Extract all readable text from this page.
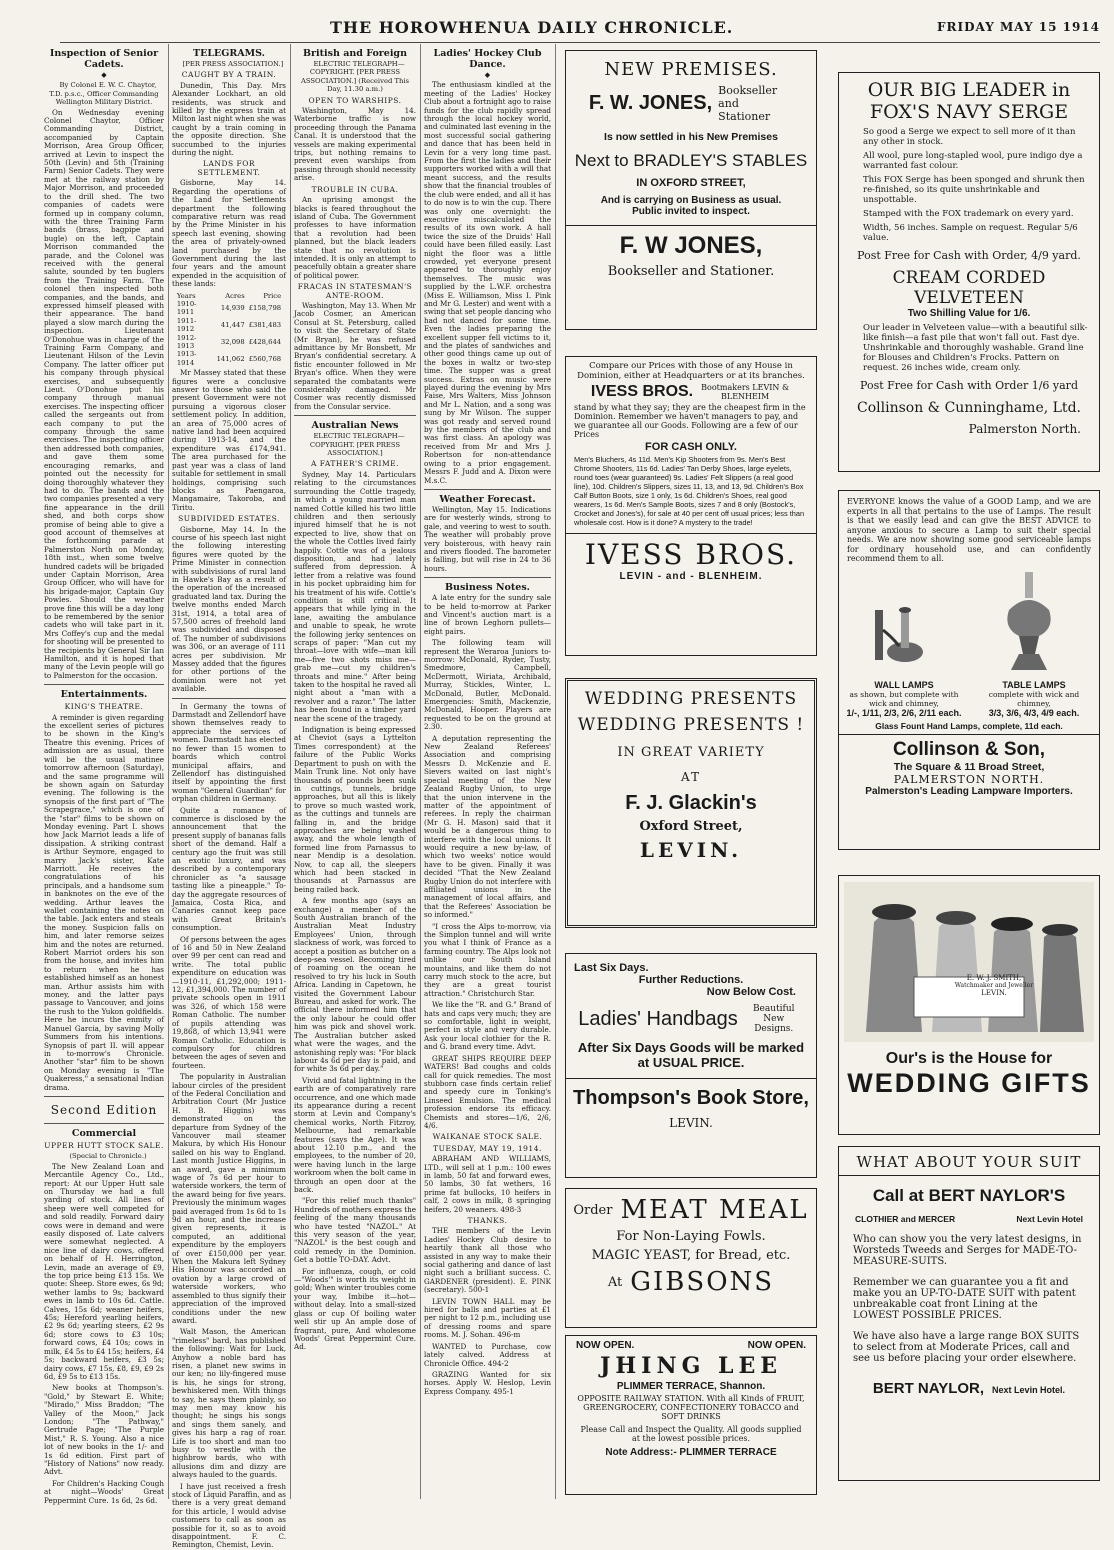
THE HOROWHENUA DAILY CHRONICLE.	FRIDAY MAY 15 1914
Inspection of Senior Cadets.
◆

By Colonel E. W. C. Chaytor, T.D. p.s.c., Officer Commanding Wellington Military District.

On Wednesday evening Colonel Chaytor, Officer Commanding District, accompanied by Captain Morrison, Area Group Officer, arrived at Levin to inspect the 50th (Levin) and 5th (Training Farm) Senior Cadets. They were met at the railway station by Major Morrison, and proceeded to the drill shed. The two companies of cadets were formed up in company column, with the three Training Farm bands (brass, bagpipe and bugle) on the left, Captain Morrison commanded the parade, and the Colonel was received with the general salute, sounded by ten buglers from the Training Farm. The colonel then inspected both companies, and the bands, and expressed himself pleased with their appearance. The band played a slow march during the inspection. Lieutenant O'Donohue was in charge of the Training Farm Company, and Lieutenant Hilson of the Levin Company. The latter officer put his company through physical exercises, and subsequently Lieut. O'Donohue put his company through manual exercises. The inspecting officer called the sergeants out from each company to put the company through the same exercises. The inspecting officer then addressed both companies, and gave them some encouraging remarks, and pointed out the necessity for doing thoroughly whatever they had to do. The bands and the two companies presented a very fine appearance in the drill shed, and both corps show promise of being able to give a good account of themselves at the forthcoming parade at Palmerston North on Monday, 18th inst., when some twelve hundred cadets will be brigaded under Captain Morrison, Area Group Officer, who will have for his brigade-major, Captain Guy Powles. Should the weather prove fine this will be a day long to be remembered by the senior cadets who will take part in it. Mrs Coffey's cup and the medal for shooting will be presented to the recipients by General Sir Ian Hamilton, and it is hoped that many of the Levin people will go to Palmerston for the occasion.

Entertainments.
KING'S THEATRE.

A reminder is given regarding the excellent series of pictures to be shown in the King's Theatre this evening. Prices of admission are as usual, there will be the usual matinee tomorrow afternoon (Saturday), and the same programme will be shown again on Saturday evening. The following is the synopsis of the first part of "The Scrapegrace," which is one of the "star" films to be shown on Monday evening. Part I. shows how Jack Marriot leads a life of dissipation. A striking contrast is Arthur Seymore, engaged to marry Jack's sister, Kate Marriott. He receives the congratulations of his principals, and a handsome sum in banknotes on the eve of the wedding. Arthur leaves the wallet containing the notes on the table. Jack enters and steals the money. Suspicion falls on him, and later remorse seizes him and the notes are returned. Robert Marriot orders his son from the house, and invites him to return when he has established himself as an honest man. Arthur assists him with money, and the latter pays passage to Vancouver, and joins the rush to the Yukon goldfields. Here he incurs the enmity of Manuel Garcia, by saving Molly Summers from his intentions. Synopsis of part II. will appear in to-morrow's Chronicle. Another "star" film to be shown on Monday evening is "The Quakeress," a sensational Indian drama.

Second Edition
Commercial
UPPER HUTT STOCK SALE.

(Special to Chronicle.)

The New Zealand Loan and Mercantile Agency Co., Ltd., report: At our Upper Hutt sale on Thursday we had a full yarding of stock. All lines of sheep were well competed for and sold readily. Forward dairy cows were in demand and were easily disposed of. Late calvers were somewhat neglected. A nice line of dairy cows, offered on behalf of H. Herrington, Levin, made an average of £9, the top price being £13 15s. We quote: Sheep. Store ewes, 6s 9d; wether lambs to 9s; backward ewes in lamb to 10s 6d. Cattle. Calves, 15s 6d; weaner heifers, 45s; Hereford yearling heifers, £2 9s 6d; yearling steers, £2 9s 6d; store cows to £3 10s; forward cows, £4 10s; cows in milk, £4 5s to £4 15s; heifers, £4 5s; backward heifers, £3 5s; dairy cows, £7 15s, £8, £9, £9 2s 6d, £9 5s to £13 15s.

New books at Thompson's. "Gold," by Stewart E. White; "Mirado," Miss Braddon; "The Valley of the Moon," Jack London; "The Pathway," Gertrude Page; "The Purple Mist," R. S. Young. Also a nice lot of new books in the 1/- and 1s 6d edition. First part of "History of Nations" now ready. Advt.

For Children's Hacking Cough at night—Woods' Great Peppermint Cure. 1s 6d, 2s 6d.

TELEGRAMS.

[PER PRESS ASSOCIATION.]

CAUGHT BY A TRAIN.

Dunedin, This Day. Mrs Alexander Lockhart, an old residents, was struck and killed by the express train at Milton last night when she was caught by a train coming in the opposite direction. She succumbed to the injuries during the night.

LANDS FOR SETTLEMENT.

Gisborne, May 14. Regarding the operations of the Land for Settlements department the following comparative return was read by the Prime Minister in his speech last evening, showing the area of privately-owned land purchased by the Government during the last four years and the amount expended in the acquisition of these lands:

Years	Acres	Price
1910-1911	14,939	£158,798
1911-1912	41,447	£381,483
1912-1913	32,098	£428,644
1913-1914	141,062	£560,768

Mr Massey stated that these figures were a conclusive answer to those who said the present Government were not pursuing a vigorous closer settlement policy. In addition, an area of 75,000 acres of native land had been acquired during 1913-14, and the expenditure was £174,941. The area purchased for the past year was a class of land suitable for settlement in small holdings, comprising such blocks as Paengaroa, Mangamaire, Takoroba, and Tiritu.

SUBDIVIDED ESTATES.

Gisborne, May 14. In the course of his speech last night the following interesting figures were quoted by the Prime Minister in connection with subdivisions of rural land in Hawke's Bay as a result of the operation of the increased graduated land tax. During the twelve months ended March 31st, 1914, a total area of 57,500 acres of freehold land was subdivided and disposed of. The number of subdivisions was 306, or an average of 111 acres per subdivision. Mr Massey added that the figures for other portions of the dominion were not yet available.

In Germany the towns of Darmstadt and Zellendorf have shown themselves ready to appreciate the services of women. Darmstadt has elected no fewer than 15 women to boards which control municipal affairs, and Zellendorf has distinguished itself by appointing the first woman "General Guardian" for orphan children in Germany.

Quite a romance of commerce is disclosed by the announcement that the present supply of bananas falls short of the demand. Half a century ago the fruit was still an exotic luxury, and was described by a contemporary chronicler as "a sausage tasting like a pineapple." To-day the aggregate resources of Jamaica, Costa Rica, and Canaries cannot keep pace with Great Britain's consumption.

Of persons between the ages of 16 and 50 in New Zealand over 99 per cent can read and write. The total public expenditure on education was—1910-11, £1,292,000; 1911-12, £1,394,000. The number of private schools open in 1911 was 326, of which 158 were Roman Catholic. The number of pupils attending was 19,868, of which 13,941 were Roman Catholic. Education is compulsory for children between the ages of seven and fourteen.

The popularity in Australian labour circles of the president of the Federal Conciliation and Arbitration Court (Mr Justice H. B. Higgins) was demonstrated on the departure from Sydney of the Vancouver mail steamer Makura, by which His Honour sailed on his way to England. Last month Justice Higgins, in an award, gave a minimum wage of 7s 6d per hour to waterside workers, the term of the award being for five years. Previously the minimum wages paid averaged from 1s 6d to 1s 9d an hour, and the increase given represents, it is computed, an additional expenditure by the employers of over £150,000 per year. When the Makura left Sydney His Honour was accorded an ovation by a large crowd of waterside workers, who assembled to thus signify their appreciation of the improved conditions under the new award.

Walt Mason, the American "rimeless" bard, has published the following: Wait for Luck, Anyhow a noble bard has risen, a planet new swims in our ken; no lily-fingered muse is his, he sings for strong, bewhiskered men. With things to say, he says them plainly, so may men may know his thought; he sings his songs and sings them sanely, and gives his harp a rag of roar. Life is too short and man too busy to wrestle with the highbrow bards, who with allusions dim and dizzy are always hauled to the guards.

I have just received a fresh stock of Liquid Paraffin, and as there is a very great demand for this article, I would advise customers to call as soon as possible for it, so as to avoid disappointment. F. C. Remington, Chemist, Levin.

British and Foreign

ELECTRIC TELEGRAPH—COPYRIGHT. [PER PRESS ASSOCIATION.] (Received This Day, 11.30 a.m.)

OPEN TO WARSHIPS.

Washington, May 14. Waterborne traffic is now proceeding through the Panama Canal. It is understood that the vessels are making experimental trips, but nothing remains to prevent even warships from passing through should necessity arise.

TROUBLE IN CUBA.

An uprising amongst the blacks is feared throughout the island of Cuba. The Government professes to have information that a revolution had been planned, but the black leaders state that no revolution is intended. It is only an attempt to peacefully obtain a greater share of political power.

FRACAS IN STATESMAN'S ANTE-ROOM.

Washington, May 13. When Mr Jacob Cosmer, an American Consul at St. Petersburg, called to visit the Secretary of State (Mr Bryan), he was refused admittance by Mr Bonsbett, Mr Bryan's confidential secretary. A fistic encounter followed in Mr Bryan's office. When they were separated the combatants were considerably damaged. Mr Cosmer was recently dismissed from the Consular service.

Australian News

ELECTRIC TELEGRAPH—COPYRIGHT. [PER PRESS ASSOCIATION.]

A FATHER'S CRIME.

Sydney, May 14. Particulars relating to the circumstances surrounding the Cottle tragedy, in which a young married man named Cottle killed his two little children and then seriously injured himself that he is not expected to live, show that on the whole the Cottles lived fairly happily. Cottle was of a jealous disposition, and had lately suffered from depression. A letter from a relative was found in his pocket upbraiding him for his treatment of his wife. Cottle's condition is still critical. It appears that while lying in the lane, awaiting the ambulance and unable to speak, he wrote the following jerky sentences on scraps of paper: "Man cut my throat—love with wife—man kill me—five two shots miss me—grab me—cut my children's throats and mine." After being taken to the hospital he raved all night about a "man with a revolver and a razor." The latter has been found in a timber yard near the scene of the tragedy.

Indignation is being expressed at Cheviot (says a Lyttelton Times correspondent) at the failure of the Public Works Department to push on with the Main Trunk line. Not only have thousands of pounds been sunk in cuttings, tunnels, bridge approaches, but all this is likely to prove so much wasted work, as the cuttings and tunnels are falling in, and the bridge approaches are being washed away, and the whole length of formed line from Parnassus to near Mendip is a desolation. Now, to cap all, the sleepers which had been stacked in thousands at Parnassus are being railed back.

A few months ago (says an exchange) a member of the South Australian branch of the Australian Meat Industry Employees' Union, through slackness of work, was forced to accept a position as butcher on a deep-sea vessel. Becoming tired of roaming on the ocean he resolved to try his luck in South Africa. Landing in Capetown, he visited the Government Labour Bureau, and asked for work. The official there informed him that the only labour he could offer him was pick and shovel work. The Australian butcher asked what were the wages, and the astonishing reply was: "For black labour 4s 6d per day is paid, and for white 3s 6d per day."

Vivid and fatal lightning in the earth are of comparatively rare occurrence, and one which made its appearance during a recent storm at Levin and Company's chemical works, North Fitzroy, Melbourne, had remarkable features (says the Age). It was about 12.10 p.m., and the employees, to the number of 20, were having lunch in the large workroom when the bolt came in through an open door at the back.

"For this relief much thanks" Hundreds of mothers express the feeling of the many thousands who have tested "NAZOL." At this very season of the year, "NAZOL" is the best cough and cold remedy in the Dominion. Get a bottle TO-DAY. Advt.

For influenza, cough, or cold—"Woods'" is worth its weight in gold; When winter troubles come your way, Imbibe it—hot—without delay. Into a small-sized glass or cup Of boiling water well stir up An ample dose of fragrant, pure, And wholesome Woods' Great Peppermint Cure. Ad.

Ladies' Hockey Club Dance.
◆

The enthusiasm kindled at the meeting of the Ladies' Hockey Club about a fortnight ago to raise funds for the club rapidly spread through the local hockey world, and culminated last evening in the most successful social gathering and dance that has been held in Levin for a very long time past. From the first the ladies and their supporters worked with a will that meant success, and the results show that the financial troubles of the club were ended, and all it has to do now is to win the cup. There was only one overnight: the executive miscalculated the results of its own work. A hall twice the size of the Druids' Hall could have been filled easily. Last night the floor was a little crowded, yet everyone present appeared to thoroughly enjoy themselves. The music was supplied by the L.W.F. orchestra (Miss E. Williamson, Miss I. Pink and Mr G. Lester) and went with a swing that set people dancing who had not danced for some time. Even the ladies preparing the excellent supper fell victims to it, and the plates of sandwiches and other good things came up out of the boxes in waltz or two-step time. The supper was a great success. Extras on music were played during the evening by Mrs Faise, Mrs Walters, Miss Johnson and Mr L. Nation, and a song was sung by Mr Wilson. The supper was got ready and served round by the members of the club and was first class. An apology was received from Mr and Mrs J. Robertson for non-attendance owing to a prior engagement. Messrs F. Judd and A. Dixon were M.s.C.

Weather Forecast.

Wellington, May 15. Indications are for westerly winds, strong to gale, and veering to west to south. The weather will probably prove very boisterous, with heavy rain and rivers flooded. The barometer is falling, but will rise in 24 to 36 hours.

Business Notes.

A late entry for the sundry sale to be held to-morrow at Parker and Vincent's auction mart is a line of brown Leghorn pullets—eight pairs.

The following team will represent the Weraroa Juniors to-morrow: McDonald, Ryder, Tusty, Smedmore, Campbell, McDermott, Wiriata, Archibald, Murray, Stickles, Winter, L. McDonald, Butler, McDonald. Emergencies: Smith, Mackenzie, McDonald, Hooper. Players are requested to be on the ground at 2.30.

A deputation representing the New Zealand Referees' Association and comprising Messrs D. McKenzie and E. Sievers waited on last night's special meeting of the New Zealand Rugby Union, to urge that the union intervene in the matter of the appointment of referees. In reply the chairman (Mr G. H. Mason) said that it would be a dangerous thing to interfere with the local unions. It would require a new by-law, of which two weeks' notice would have to be given. Finally it was decided "That the New Zealand Rugby Union do not interfere with affiliated unions in the management of local affairs, and that the Referees' Association be so informed."

"I cross the Alps to-morrow, via the Simplon tunnel and will write you what I think of France as a farming country. The Alps look not unlike our South Island mountains, and like them do not carry much stock to the acre, but they are a great tourist attraction." Christchurch Star.

We like the "R. and G." Brand of hats and caps very much; they are so comfortable, light in weight, perfect in style and very durable. Ask your local clothier for the R. and G. brand every time. Advt.

GREAT SHIPS REQUIRE DEEP WATERS! Bad coughs and colds call for quick remedies. The most stubborn case finds certain relief and speedy cure in Tonking's Linseed Emulsion. The medical profession endorse its efficacy. Chemists and stores—1/6, 2/6, 4/6.

WAIKANAE STOCK SALE.
TUESDAY, MAY 19, 1914.

ABRAHAM AND WILLIAMS, LTD., will sell at 1 p.m.: 100 ewes in lamb, 50 fat and forward ewes, 50 lambs, 30 fat wethers, 16 prime fat bullocks, 10 heifers in calf, 2 cows in milk, 8 springing heifers, 20 weaners. 498-3

THANKS.

THE members of the Levin Ladies' Hockey Club desire to heartily thank all those who assisted in any way to make their social gathering and dance of last night such a brilliant success. C. GARDENER (president). E. PINK (secretary). 500-1

LEVIN TOWN HALL may be hired for balls and parties at £1 per night to 12 p.m., including use of dressing rooms and spare rooms. M. J. Sohan. 496-m

WANTED to Purchase, cow lately calved. Address at Chronicle Office. 494-2

GRAZING Wanted for six horses. Apply W. Heslop, Levin Express Company. 495-1

NEW PREMISES.
F. W. JONES,
Bookseller and Stationer
Is now settled in his New Premises
Next to BRADLEY'S STABLES
IN OXFORD STREET,
And is carrying on Business as usual. Public invited to inspect.
F. W JONES,
Bookseller and Stationer.
Compare our Prices with those of any House in Dominion, either at Headquarters or at its branches.
IVESS BROS. Bootmakers LEVIN & BLENHEIM
stand by what they say; they are the cheapest firm in the Dominion. Remember we haven't managers to pay, and we guarantee all our Goods. Following are a few of our Prices
FOR CASH ONLY.
Men's Bluchers, 4s 11d. Men's Kip Shooters from 9s. Men's Best Chrome Shooters, 11s 6d. Ladies' Tan Derby Shoes, large eyelets, round toes (wear guaranteed) 9s. Ladies' Felt Slippers (a real good line), 10d. Children's Slippers, sizes 11, 13, and 13, 9d. Children's Box Calf Button Boots, size 1 only, 1s 6d. Children's Shoes, real good wearers, 1s 6d. Men's Sample Boots, sizes 7 and 8 only (Bostock's, Crocket and Jones's), for sale at 40 per cent off usual prices; less than wholesale cost. How is it done? A mystery to the trade!
IVESS BROS.
LEVIN - and - BLENHEIM.
WEDDING PRESENTS
WEDDING PRESENTS !
IN GREAT VARIETY
AT
F. J. Glackin's
Oxford Street,
LEVIN.
Last Six Days.
Further Reductions.
Now Below Cost.
Ladies' Handbags	Beautiful New Designs.
After Six Days Goods will be marked at USUAL PRICE.
Thompson's Book Store,
LEVIN.
Order MEAT MEAL
For Non-Laying Fowls.
MAGIC YEAST, for Bread, etc.
At GIBSONS
NOW OPEN.	NOW OPEN.
JHING LEE
PLIMMER TERRACE, Shannon.
OPPOSITE RAILWAY STATION. With all Kinds of FRUIT, GREENGROCERY, CONFECTIONERY TOBACCO and SOFT DRINKS
Please Call and Inspect the Quality. All goods supplied at the lowest possible prices.
Note Address:- PLIMMER TERRACE
OUR BIG LEADER in
FOX'S NAVY SERGE
So good a Serge we expect to sell more of it than any other in stock.
All wool, pure long-stapled wool, pure indigo dye a warranted fast colour.
This FOX Serge has been sponged and shrunk then re-finished, so its quite unshrinkable and unspottable.
Stamped with the FOX trademark on every yard.
Width, 56 inches. Sample on request. Regular 5/6 value.
Post Free for Cash with Order, 4/9 yard.
CREAM CORDED VELVETEEN
Two Shilling Value for 1/6.
Our leader in Velveteen value—with a beautiful silk-like finish—a fast pile that won't fall out. Fast dye. Unshrinkable and thoroughly washable. Grand line for Blouses and Children's Frocks. Pattern on request. 26 inches wide, cream only.
Post Free for Cash with Order 1/6 yard
Collinson & Cunninghame, Ltd.
Palmerston North.
EVERYONE knows the value of a GOOD Lamp, and we are experts in all that pertains to the use of Lamps. The result is that we easily lead and can give the BEST ADVICE to anyone anxious to secure a Lamp to suit their special needs. We are now showing some good serviceable lamps for ordinary household use, and can confidently recommend them to all.
WALL LAMPS
as shown, but complete with wick and chimney,
1/-, 1/11, 2/3, 2/6, 2/11 each.
TABLE LAMPS
complete with wick and chimney,
3/3, 3/6, 4/3, 4/9 each.
Glass Fount Hand Lamps, complete, 11d each.
Collinson & Son,
The Square & 11 Broad Street,
PALMERSTON NORTH.
Palmerston's Leading Lampware Importers.
E. W. J. SMITH,
Watchmaker and Jeweller
LEVIN.
Our's is the House for
WEDDING GIFTS
WHAT ABOUT YOUR SUIT
Call at BERT NAYLOR'S
CLOTHIER and MERCER	Next Levin Hotel
Who can show you the very latest designs, in Worsteds Tweeds and Serges for MADE-TO-MEASURE-SUITS.
Remember we can guarantee you a fit and make you an UP-TO-DATE SUIT with patent unbreakable coat front Lining at the LOWEST POSSIBLE PRICES.
We have also have a large range BOX SUITS to select from at Moderate Prices, call and see us before placing your order elsewhere.
BERT NAYLOR, Next Levin Hotel.
